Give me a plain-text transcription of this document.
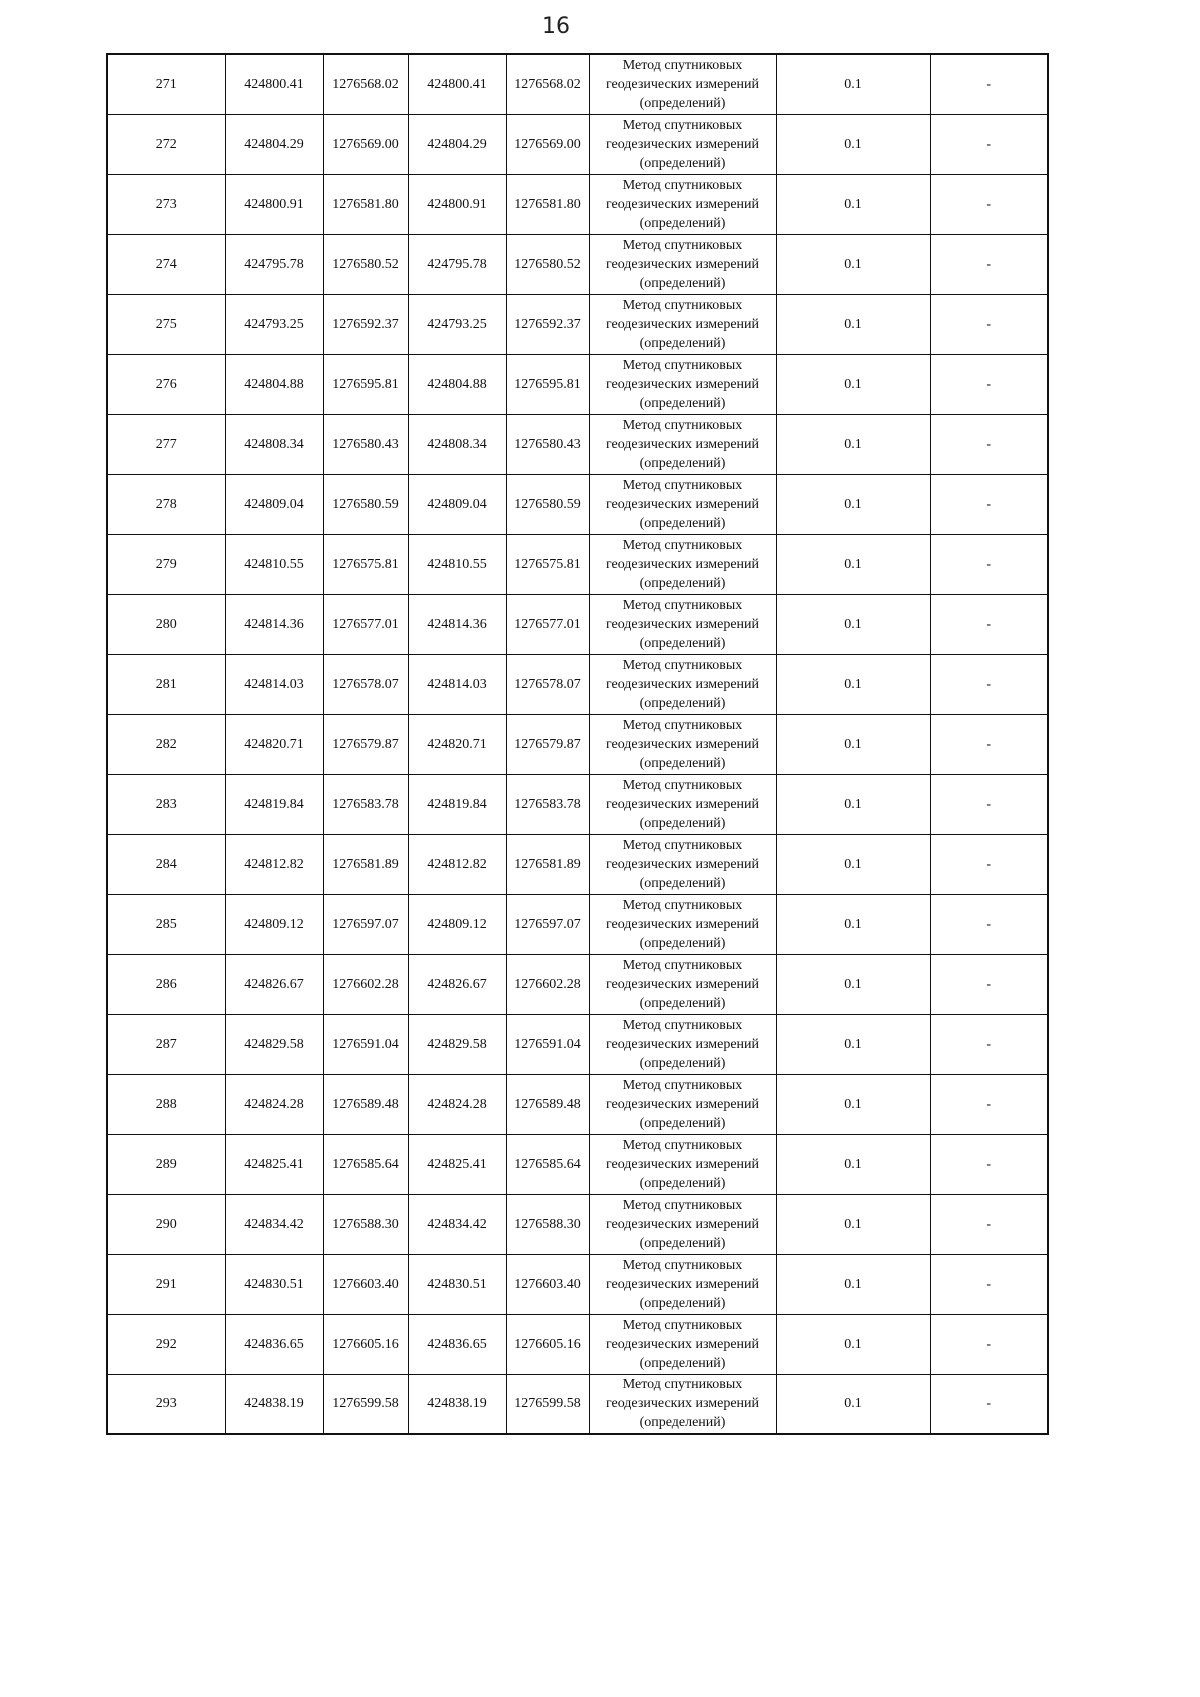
16
271	424800.41	1276568.02	424800.41	1276568.02	Метод спутниковых
геодезических измерений
(определений)	0.1	-
272	424804.29	1276569.00	424804.29	1276569.00	Метод спутниковых
геодезических измерений
(определений)	0.1	-
273	424800.91	1276581.80	424800.91	1276581.80	Метод спутниковых
геодезических измерений
(определений)	0.1	-
274	424795.78	1276580.52	424795.78	1276580.52	Метод спутниковых
геодезических измерений
(определений)	0.1	-
275	424793.25	1276592.37	424793.25	1276592.37	Метод спутниковых
геодезических измерений
(определений)	0.1	-
276	424804.88	1276595.81	424804.88	1276595.81	Метод спутниковых
геодезических измерений
(определений)	0.1	-
277	424808.34	1276580.43	424808.34	1276580.43	Метод спутниковых
геодезических измерений
(определений)	0.1	-
278	424809.04	1276580.59	424809.04	1276580.59	Метод спутниковых
геодезических измерений
(определений)	0.1	-
279	424810.55	1276575.81	424810.55	1276575.81	Метод спутниковых
геодезических измерений
(определений)	0.1	-
280	424814.36	1276577.01	424814.36	1276577.01	Метод спутниковых
геодезических измерений
(определений)	0.1	-
281	424814.03	1276578.07	424814.03	1276578.07	Метод спутниковых
геодезических измерений
(определений)	0.1	-
282	424820.71	1276579.87	424820.71	1276579.87	Метод спутниковых
геодезических измерений
(определений)	0.1	-
283	424819.84	1276583.78	424819.84	1276583.78	Метод спутниковых
геодезических измерений
(определений)	0.1	-
284	424812.82	1276581.89	424812.82	1276581.89	Метод спутниковых
геодезических измерений
(определений)	0.1	-
285	424809.12	1276597.07	424809.12	1276597.07	Метод спутниковых
геодезических измерений
(определений)	0.1	-
286	424826.67	1276602.28	424826.67	1276602.28	Метод спутниковых
геодезических измерений
(определений)	0.1	-
287	424829.58	1276591.04	424829.58	1276591.04	Метод спутниковых
геодезических измерений
(определений)	0.1	-
288	424824.28	1276589.48	424824.28	1276589.48	Метод спутниковых
геодезических измерений
(определений)	0.1	-
289	424825.41	1276585.64	424825.41	1276585.64	Метод спутниковых
геодезических измерений
(определений)	0.1	-
290	424834.42	1276588.30	424834.42	1276588.30	Метод спутниковых
геодезических измерений
(определений)	0.1	-
291	424830.51	1276603.40	424830.51	1276603.40	Метод спутниковых
геодезических измерений
(определений)	0.1	-
292	424836.65	1276605.16	424836.65	1276605.16	Метод спутниковых
геодезических измерений
(определений)	0.1	-
293	424838.19	1276599.58	424838.19	1276599.58	Метод спутниковых
геодезических измерений
(определений)	0.1	-
